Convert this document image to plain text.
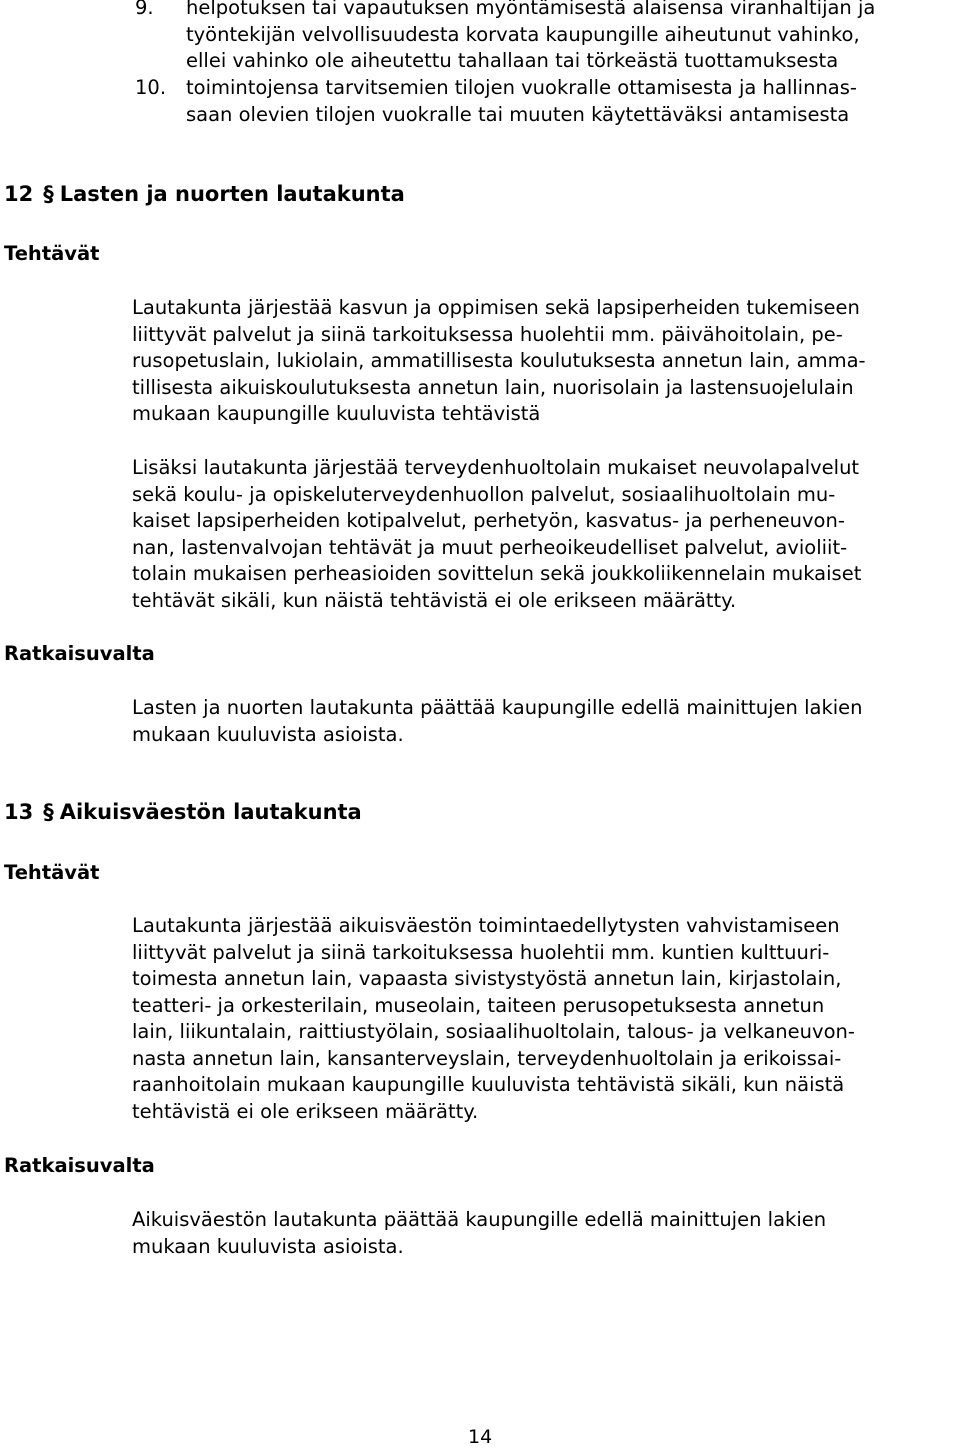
9. helpotuksen tai vapautuksen myöntämisestä alaisensa viranhaltijan ja
työntekijän velvollisuudesta korvata kaupungille aiheutunut vahinko,
ellei vahinko ole aiheutettu tahallaan tai törkeästä tuottamuksesta
10. toimintojensa tarvitsemien tilojen vuokralle ottamisesta ja hallinnas-
saan olevien tilojen vuokralle tai muuten käytettäväksi antamisesta
12 § Lasten ja nuorten lautakunta
Tehtävät
Lautakunta järjestää kasvun ja oppimisen sekä lapsiperheiden tukemiseen
liittyvät palvelut ja siinä tarkoituksessa huolehtii mm. päivähoitolain, pe-
rusopetuslain, lukiolain, ammatillisesta koulutuksesta annetun lain, amma-
tillisesta aikuiskoulutuksesta annetun lain, nuorisolain ja lastensuojelulain
mukaan kaupungille kuuluvista tehtävistä
Lisäksi lautakunta järjestää terveydenhuoltolain mukaiset neuvolapalvelut
sekä koulu- ja opiskeluterveydenhuollon palvelut, sosiaalihuoltolain mu-
kaiset lapsiperheiden kotipalvelut, perhetyön, kasvatus- ja perheneuvon-
nan, lastenvalvojan tehtävät ja muut perheoikeudelliset palvelut, avioliit-
tolain mukaisen perheasioiden sovittelun sekä joukkoliikennelain mukaiset
tehtävät sikäli, kun näistä tehtävistä ei ole erikseen määrätty.
Ratkaisuvalta
Lasten ja nuorten lautakunta päättää kaupungille edellä mainittujen lakien
mukaan kuuluvista asioista.
13 § Aikuisväestön lautakunta
Tehtävät
Lautakunta järjestää aikuisväestön toimintaedellytysten vahvistamiseen
liittyvät palvelut ja siinä tarkoituksessa huolehtii mm. kuntien kulttuuri-
toimesta annetun lain, vapaasta sivistystyöstä annetun lain, kirjastolain,
teatteri- ja orkesterilain, museolain, taiteen perusopetuksesta annetun
lain, liikuntalain, raittiustyölain, sosiaalihuoltolain, talous- ja velkaneuvon-
nasta annetun lain, kansanterveyslain, terveydenhuoltolain ja erikoissai-
raanhoitolain mukaan kaupungille kuuluvista tehtävistä sikäli, kun näistä
tehtävistä ei ole erikseen määrätty.
Ratkaisuvalta
Aikuisväestön lautakunta päättää kaupungille edellä mainittujen lakien
mukaan kuuluvista asioista.
14
